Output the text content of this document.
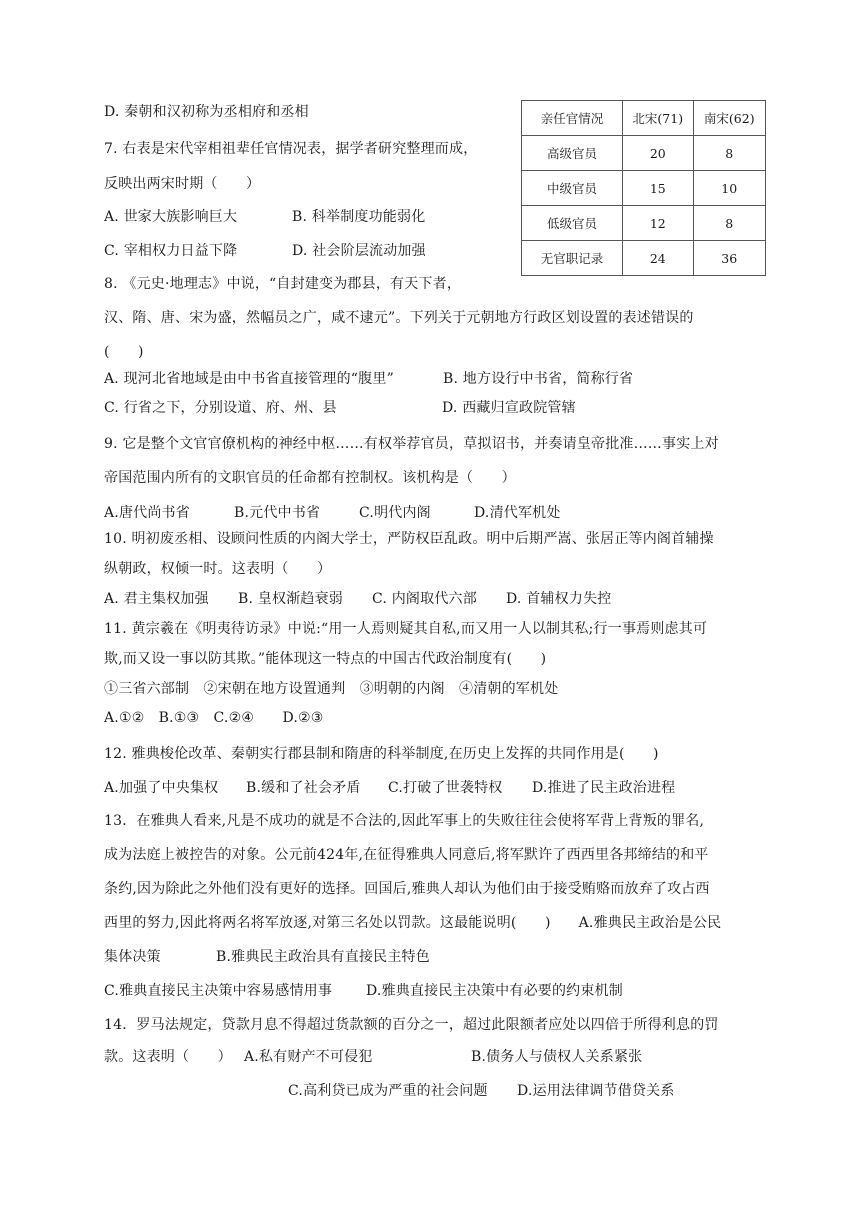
亲任官情况	北宋(71)	南宋(62)
高级官员	20	8
中级官员	15	10
低级官员	12	8
无官职记录	24	36
D. 秦朝和汉初称为丞相府和丞相
7. 右表是宋代宰相祖辈任官情况表，据学者研究整理而成，
反映出两宋时期（　　）
A. 世家大族影响巨大	B. 科举制度功能弱化
C. 宰相权力日益下降	D. 社会阶层流动加强
8. 《元史·地理志》中说，“自封建变为郡县，有天下者，
汉、隋、唐、宋为盛，然幅员之广，咸不逮元”。下列关于元朝地方行政区划设置的表述错误的
(　　)
A. 现河北省地域是由中书省直接管理的“腹里”	B. 地方设行中书省，简称行省
C. 行省之下，分别设道、府、州、县	D. 西藏归宣政院管辖
9. 它是整个文官官僚机构的神经中枢……有权举荐官员，草拟诏书，并奏请皇帝批准……事实上对
帝国范围内所有的文职官员的任命都有控制权。该机构是（　　）
A.唐代尚书省	B.元代中书省	C.明代内阁	D.清代军机处
10. 明初废丞相、设顾问性质的内阁大学士，严防权臣乱政。明中后期严嵩、张居正等内阁首辅操
纵朝政，权倾一时。这表明（　　）
A. 君主集权加强 B. 皇权渐趋衰弱 C. 内阁取代六部 D. 首辅权力失控
11. 黄宗羲在《明夷待访录》中说:“用一人焉则疑其自私,而又用一人以制其私;行一事焉则虑其可
欺,而又设一事以防其欺。”能体现这一特点的中国古代政治制度有(　　)
①三省六部制　②宋朝在地方设置通判　③明朝的内阁　④清朝的军机处
A.①②　B.①③　C.②④　　D.②③
12. 雅典梭伦改革、秦朝实行郡县制和隋唐的科举制度,在历史上发挥的共同作用是(　　)
A.加强了中央集权 B.缓和了社会矛盾 C.打破了世袭特权 D.推进了民主政治进程
13．在雅典人看来,凡是不成功的就是不合法的,因此军事上的失败往往会使将军背上背叛的罪名,
成为法庭上被控告的对象。公元前424年,在征得雅典人同意后,将军默许了西西里各邦缔结的和平
条约,因为除此之外他们没有更好的选择。回国后,雅典人却认为他们由于接受贿赂而放弃了攻占西
西里的努力,因此将两名将军放逐,对第三名处以罚款。这最能说明(　　) A.雅典民主政治是公民
集体决策	B.雅典民主政治具有直接民主特色
C.雅典直接民主决策中容易感情用事 D.雅典直接民主决策中有必要的约束机制
14．罗马法规定，贷款月息不得超过货款额的百分之一，超过此限额者应处以四倍于所得利息的罚
款。这表明（　　） A.私有财产不可侵犯	B.债务人与债权人关系紧张
C.高利贷已成为严重的社会问题 D.运用法律调节借贷关系
